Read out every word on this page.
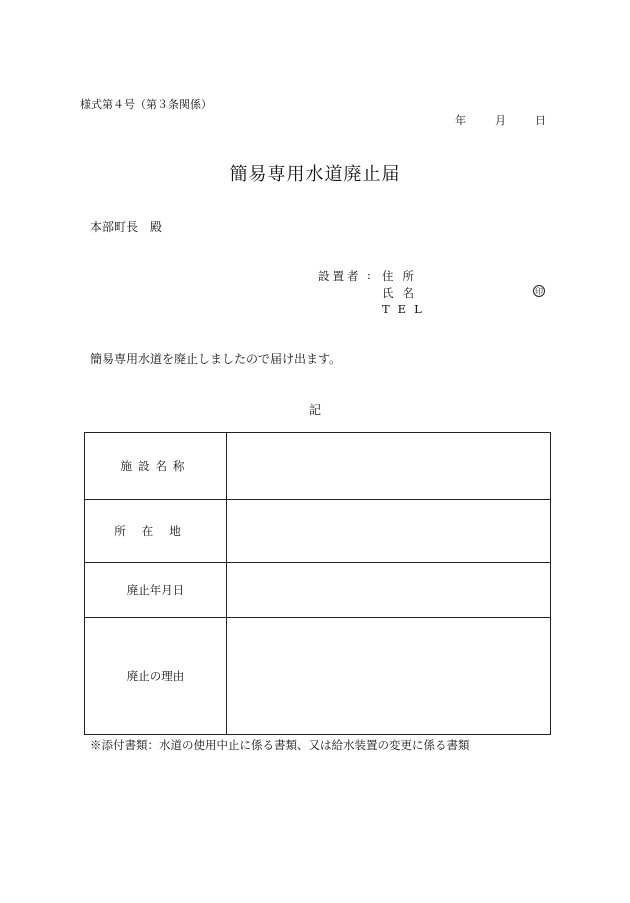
様式第４号（第３条関係）
年	月	日
簡易専用水道廃止届
本部町長　殿
設置者 : 住所
氏名	印
TEL
簡易専用水道を廃止しましたので届け出ます。
記
施設名称	
所在地	
廃止年月日	
廃止の理由	
※添付書類：水道の使用中止に係る書類、又は給水装置の変更に係る書類
